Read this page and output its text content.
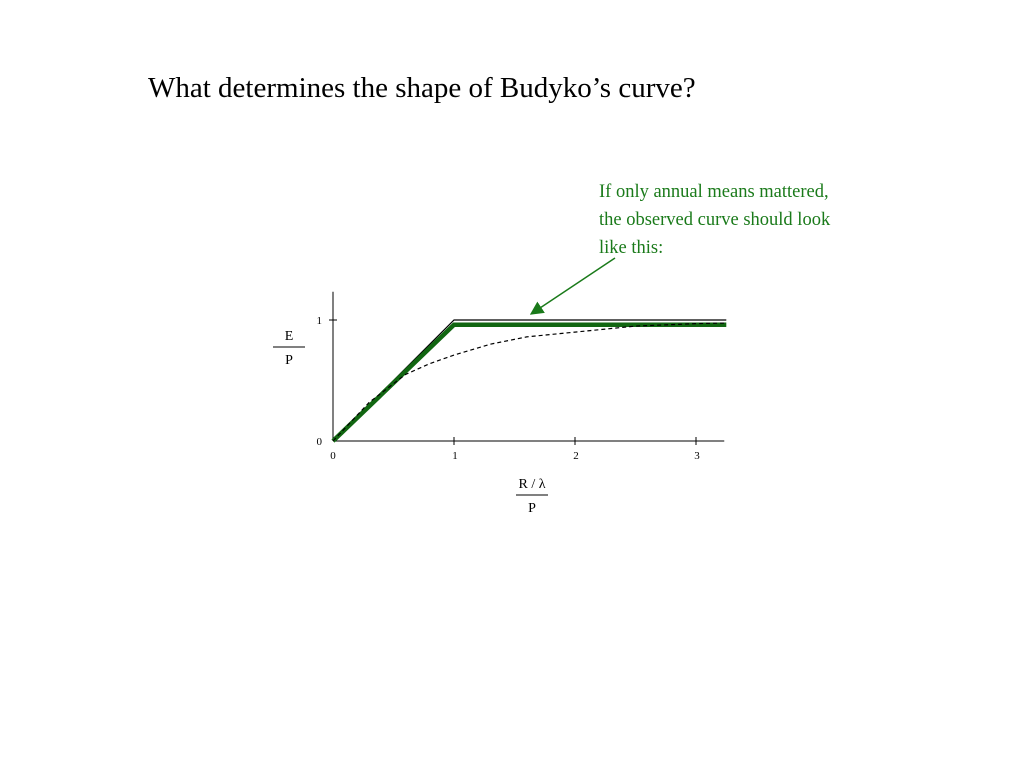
What determines the shape of Budyko’s curve?
If only annual means mattered,
the observed curve should look
like this:
0	1	2	3
0
1
E
P
R / λ
P
